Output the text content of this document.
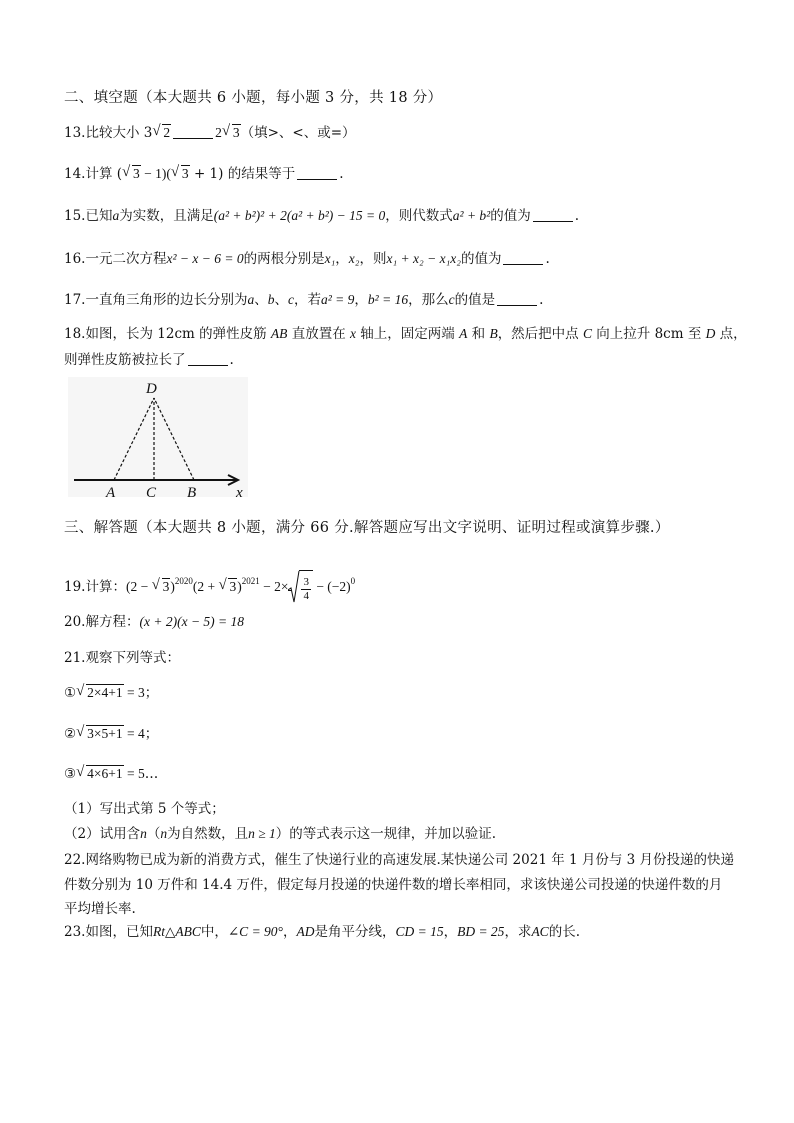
二、填空题（本大题共 6 小题，每小题 3 分，共 18 分）
13.比较大小 3 √ 2	2 √ 3（填>、<、或=）
14.计算 ( √ 3 − 1)( √ 3 + 1) 的结果等于	.
15.已知a为实数，且满足(a² + b²)² + 2(a² + b²) − 15 = 0，则代数式a² + b²的值为	.
16.一元二次方程x² − x − 6 = 0的两根分别是x₁，x₂，则x₁ + x₂ − x₁x₂的值为	.
17.一直角三角形的边长分别为a、b、c，若a² = 9，b² = 16，那么c的值是	.
18.如图，长为 12cm 的弹性皮筋 AB 直放置在 x 轴上，固定两端 A 和 B，然后把中点 C 向上拉升 8cm 至 D 点，
则弹性皮筋被拉长了	.
D
A C B	x
三、解答题（本大题共 8 小题，满分 66 分.解答题应写出文字说明、证明过程或演算步骤.）
19.计算：(2 − √ 3)$^{2020}$(2 + √ $3)^{2021} - 2\times \frac{3}{4} - (-2)^0$
20.解方程：(x + 2)(x − 5) = 18
21.观察下列等式：
① √ 2×4+1 = 3；
② √ 3×5+1 = 4；
③ √ 4×6+1 = 5…
（1）写出式第 5 个等式；
（2）试用含n（n为自然数，且n ≥ 1）的等式表示这一规律，并加以验证.
22.网络购物已成为新的消费方式，催生了快递行业的高速发展.某快递公司 2021 年 1 月份与 3 月份投递的快递
件数分别为 10 万件和 14.4 万件，假定每月投递的快递件数的增长率相同，求该快递公司投递的快递件数的月
平均增长率.
23.如图，已知Rt△ABC中，∠C = 90°，AD是角平分线，CD = 15，BD = 25，求AC的长.
